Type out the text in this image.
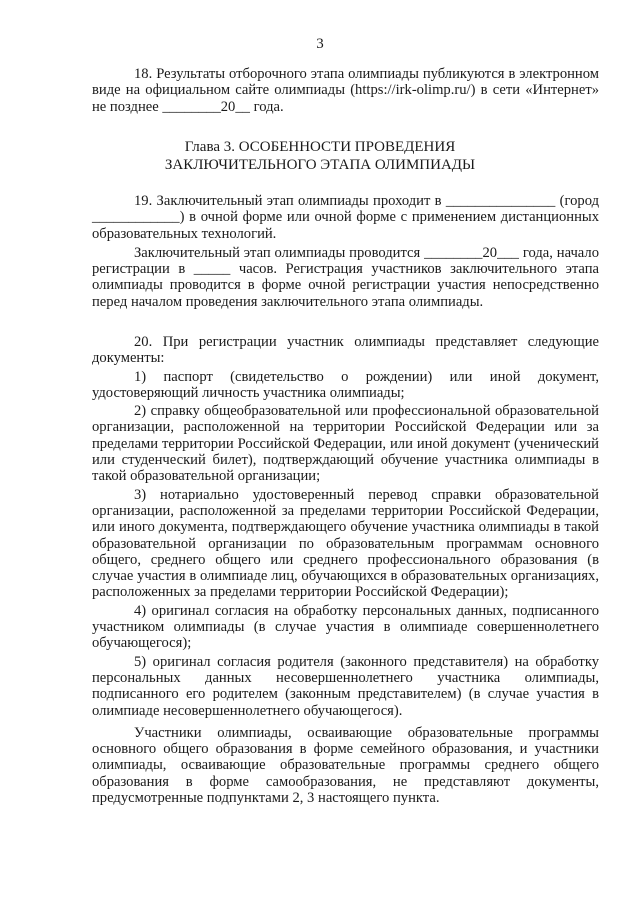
3

18. Результаты отборочного этапа олимпиады публикуются в электронном виде на официальном сайте олимпиады (https://irk-olimp.ru/) в сети «Интернет» не позднее ________20__ года.

Глава 3. ОСОБЕННОСТИ ПРОВЕДЕНИЯ
ЗАКЛЮЧИТЕЛЬНОГО ЭТАПА ОЛИМПИАДЫ

19. Заключительный этап олимпиады проходит в _______________ (город ____________) в очной форме или очной форме с применением дистанционных образовательных технологий.

Заключительный этап олимпиады проводится ________20___ года, начало регистрации в _____ часов. Регистрация участников заключительного этапа олимпиады проводится в форме очной регистрации участия непосредственно перед началом проведения заключительного этапа олимпиады.

20. При регистрации участник олимпиады представляет следующие документы:

1) паспорт (свидетельство о рождении) или иной документ, удостоверяющий личность участника олимпиады;

2) справку общеобразовательной или профессиональной образовательной организации, расположенной на территории Российской Федерации или за пределами территории Российской Федерации, или иной документ (ученический или студенческий билет), подтверждающий обучение участника олимпиады в такой образовательной организации;

3) нотариально удостоверенный перевод справки образовательной организации, расположенной за пределами территории Российской Федерации, или иного документа, подтверждающего обучение участника олимпиады в такой образовательной организации по образовательным программам основного общего, среднего общего или среднего профессионального образования (в случае участия в олимпиаде лиц, обучающихся в образовательных организациях, расположенных за пределами территории Российской Федерации);

4) оригинал согласия на обработку персональных данных, подписанного участником олимпиады (в случае участия в олимпиаде совершеннолетнего обучающегося);

5) оригинал согласия родителя (законного представителя) на обработку персональных данных несовершеннолетнего участника олимпиады, подписанного его родителем (законным представителем) (в случае участия в олимпиаде несовершеннолетнего обучающегося).

Участники олимпиады, осваивающие образовательные программы основного общего образования в форме семейного образования, и участники олимпиады, осваивающие образовательные программы среднего общего образования в форме самообразования, не представляют документы, предусмотренные подпунктами 2, 3 настоящего пункта.
